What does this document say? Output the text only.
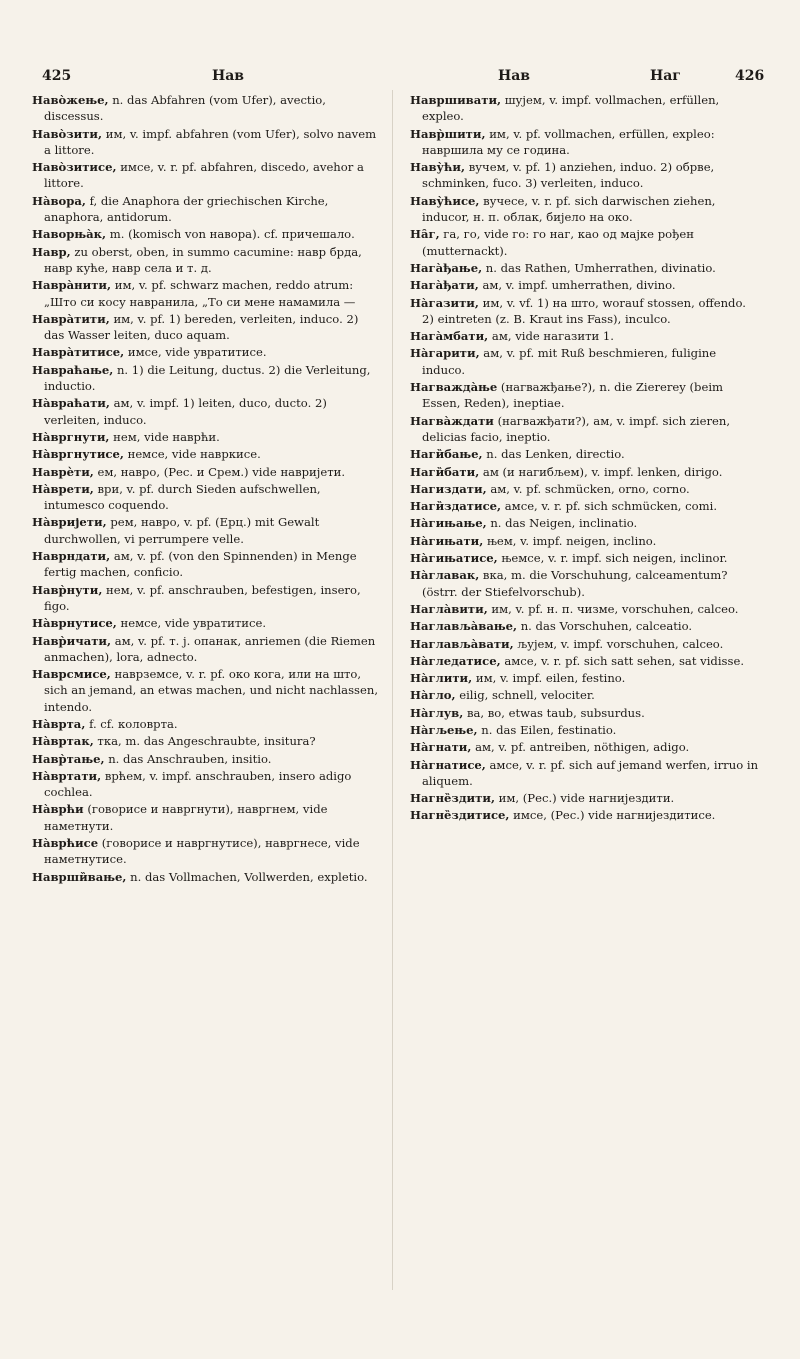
425	Нав	Нав	Наг	426

Наво̀жење, n. das Abfahren (vom Ufer), avectio, discessus.

Наво̀зити, им, v. impf. abfahren (vom Ufer), solvo navem a littore.

Наво̀зитисе, имсе, v. r. pf. abfahren, discedo, avehor a littore.

На̀вора, f, die Anaphora der griechischen Kirche, anaphora, antidorum.

Наворња̀к, m. (komisch von навора). cf. причешало.

Навр, zu oberst, oben, in summo cacumine: навр брда, навр куће, навр села и т. д.

Навра̀нити, им, v. pf. schwarz machen, reddo atrum: „Што си косу навранила, „То си мене намамила —

Навра̀тити, им, v. pf. 1) bereden, verleiten, induco. 2) das Wasser leiten, duco aquam.

Навра̀титисе, имсе, vide увратитисе.

Навраћање, n. 1) die Leitung, ductus. 2) die Verleitung, inductio.

На̀враћати, ам, v. impf. 1) leiten, duco, ducto. 2) verleiten, induco.

На̀вргнути, нем, vide наврћи.

На̀вргнутисе, немсе, vide навркисе.

Наврѐти, ем, навро, (Рес. и Срем.) vide навријети.

На̀врети, ври, v. pf. durch Sieden aufschwellen, intumesco coquendo.

На̀вријети, рем, наврo, v. pf. (Ерц.) mit Gewalt durchwollen, vi perrumpere velle.

Наврндати, ам, v. pf. (von den Spinnenden) in Menge fertig machen, conficio.

Навр̀нути, нем, v. pf. anschrauben, befestigen, insero, figo.

На̀врнутисе, немсе, vide увратитисе.

Навр̀ичати, ам, v. pf. т. ј. опанак, anriemen (die Riemen anmachen), lora, adnecto.

Наврсмисе, наврземсе, v. r. pf. око кога, или на што, sich an jemand, an etwas machen, und nicht nachlassen, intendo.

На̀врта, f. cf. коловрта.

На̀вртак, тка, m. das Angeschraubte, insitura?

Навр̀тање, n. das Anschrauben, insitio.

На̀вртати, врћем, v. impf. anschrauben, insero adigo cochlea.

На̀врћи (говорисе и навргнути), навргнем, vide наметнути.

На̀врћисе (говорисе и навргнутисе), навргнесе, vide наметнутисе.

Наврши̏вање, n. das Vollmachen, Vollwerden, expletio.

Навршивати, шујем, v. impf. vollmachen, erfüllen, expleo.

Навр̀шити, им, v. pf. vollmachen, erfüllen, expleo: навршила му се година.

Наву̀ћи, вучем, v. pf. 1) anziehen, induo. 2) обрве, schminken, fuco. 3) verleiten, induco.

Наву̀ћисе, вучесе, v. r. pf. sich darwischen ziehen, inducor, н. п. облак, бијело на око.

На̑г, га, го, vide го: го наг, као од мајке рођен (mutternackt).

Нага̀ђање, n. das Rathen, Umherrathen, divinatio.

Нага̀ђати, ам, v. impf. umherrathen, divino.

На̀газити, им, v. vf. 1) на што, worauf stossen, offendo. 2) eintreten (z. B. Kraut ins Fass), inculco.

Нага̀мбати, ам, vide нагазити 1.

На̀гарити, ам, v. pf. mit Ruß beschmieren, fuligine induco.

Нагважда̀ње (нагважђање?), n. die Ziererey (beim Essen, Reden), ineptiae.

Нагва̀ждати (нагважђати?), ам, v. impf. sich zieren, delicias facio, ineptio.

Наги̏бање, n. das Lenken, directio.

Наги̏бати, ам (и нагибљем), v. impf. lenken, dirigo.

Нагиздати, ам, v. pf. schmücken, orno, corno.

Наги̏здатисе, амсе, v. r. pf. sich schmücken, comi.

На̀гињање, n. das Neigen, inclinatio.

На̀гињати, њем, v. impf. neigen, inclino.

На̀гињатисе, њемсе, v. r. impf. sich neigen, inclinor.

На̀главак, вка, m. die Vorschuhung, calceamentum? (östrr. der Stiefelvorschub).

Нагла̀вити, им, v. pf. н. п. чизме, vorschuhen, calceo.

Наглавља̀вање, n. das Vorschuhen, calceatio.

Наглавља̀вати, љујем, v. impf. vorschuhen, calceo.

На̀гледатисе, амсе, v. r. pf. sich satt sehen, sat vidisse.

На̀глити, им, v. impf. eilen, festino.

На̀гло, eilig, schnell, velociter.

На̀глув, ва, во, etwas taub, subsurdus.

На̀гљење, n. das Eilen, festinatio.

На̀гнати, ам, v. pf. antreiben, nöthigen, adigo.

На̀гнатисе, амсе, v. r. pf. sich auf jemand werfen, irruo in aliquem.

Нагне̏здити, им, (Рес.) vide нагнијездити.

Нагне̏здитисе, имсе, (Рес.) vide нагнијездитисе.
